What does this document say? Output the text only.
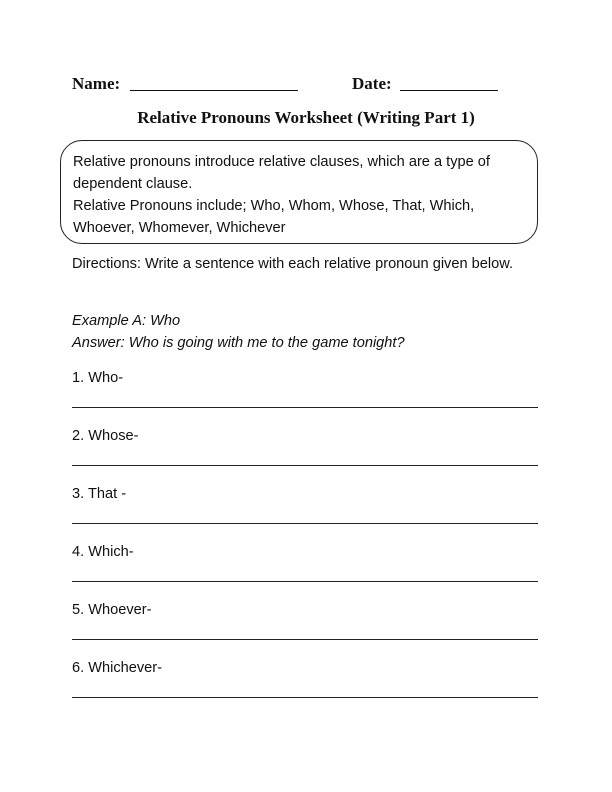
Name:	Date:
Relative Pronouns Worksheet (Writing Part 1)
Relative pronouns introduce relative clauses, which are a type of dependent clause.
Relative Pronouns include; Who, Whom, Whose, That, Which, Whoever, Whomever, Whichever
Directions: Write a sentence with each relative pronoun given below.
Example A: Who
Answer: Who is going with me to the game tonight?
1. Who-
2. Whose-
3. That -
4. Which-
5. Whoever-
6. Whichever-
